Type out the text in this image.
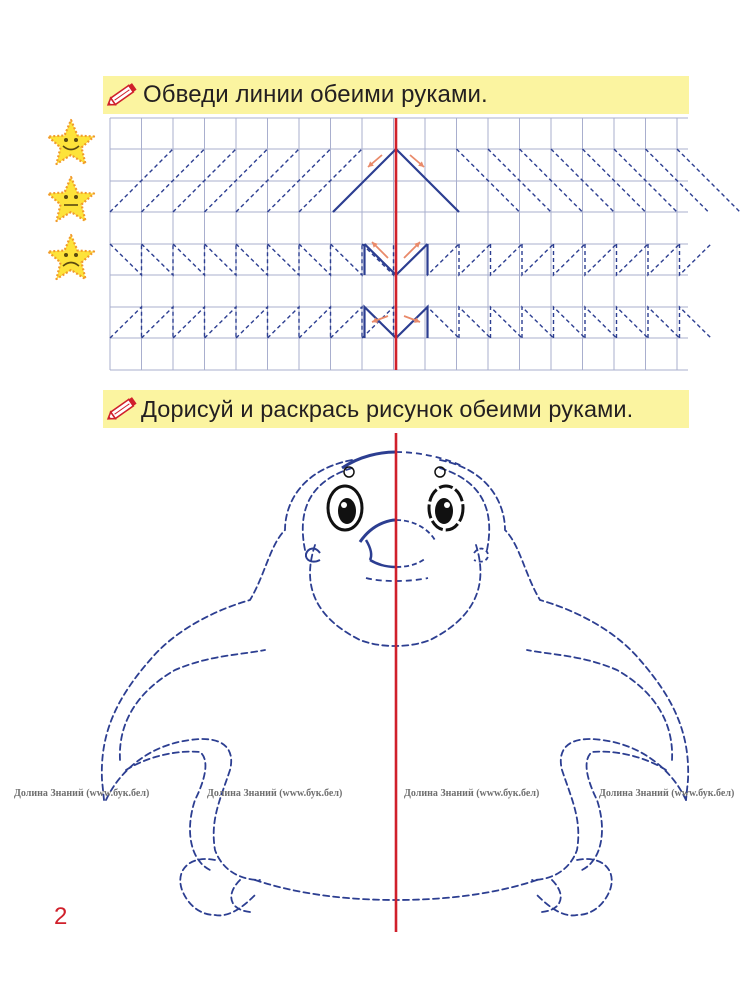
Обведи линии обеими руками.
Дорисуй и раскрась рисунок обеими руками.
Долина Знаний (www.бук.бел)	Долина Знаний (www.бук.бел)	Долина Знаний (www.бук.бел)	Долина Знаний (www.бук.бел)
2
